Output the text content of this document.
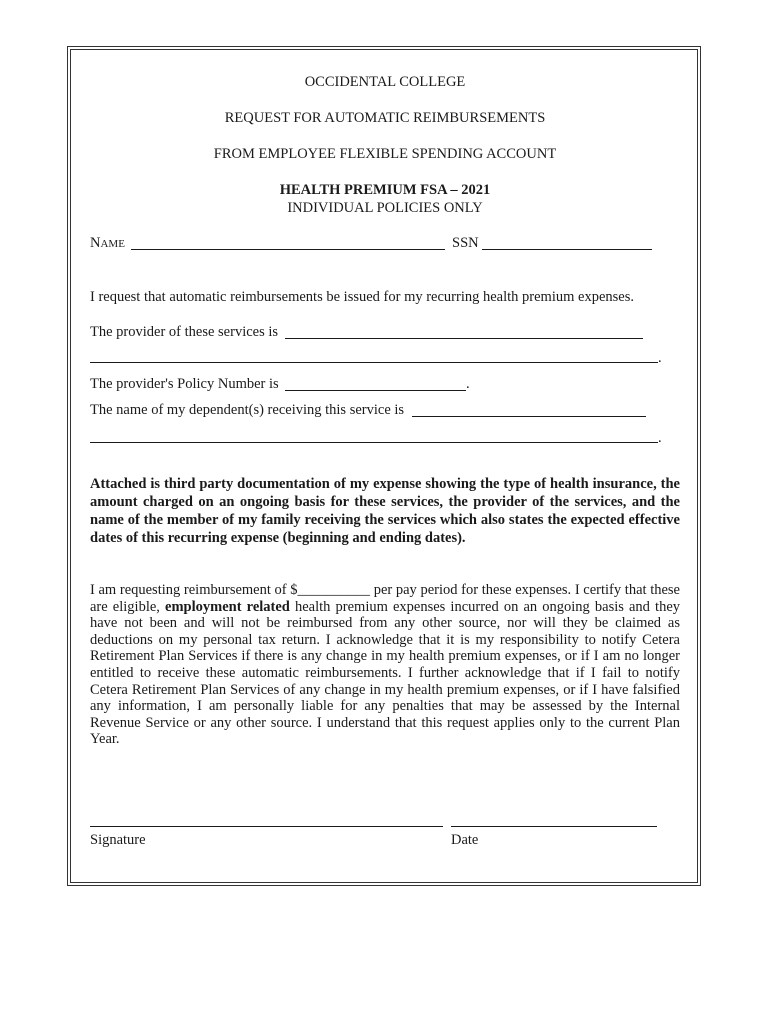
OCCIDENTAL COLLEGE
REQUEST FOR AUTOMATIC REIMBURSEMENTS
FROM EMPLOYEE FLEXIBLE SPENDING ACCOUNT
HEALTH PREMIUM FSA – 2021
INDIVIDUAL POLICIES ONLY
NAME	SSN
I request that automatic reimbursements be issued for my recurring health premium expenses.
The provider of these services is
.
The provider's Policy Number is	.
The name of my dependent(s) receiving this service is
.
Attached is third party documentation of my expense showing the type of health insurance, the amount charged on an ongoing basis for these services, the provider of the services, and the name of the member of my family receiving the services which also states the expected effective dates of this recurring expense (beginning and ending dates).
I am requesting reimbursement of $__________ per pay period for these expenses. I certify that these are eligible, employment related health premium expenses incurred on an ongoing basis and they have not been and will not be reimbursed from any other source, nor will they be claimed as deductions on my personal tax return. I acknowledge that it is my responsibility to notify Cetera Retirement Plan Services if there is any change in my health premium expenses, or if I am no longer entitled to receive these automatic reimbursements. I further acknowledge that if I fail to notify Cetera Retirement Plan Services of any change in my health premium expenses, or if I have falsified any information, I am personally liable for any penalties that may be assessed by the Internal Revenue Service or any other source. I understand that this request applies only to the current Plan Year.
Signature	Date
